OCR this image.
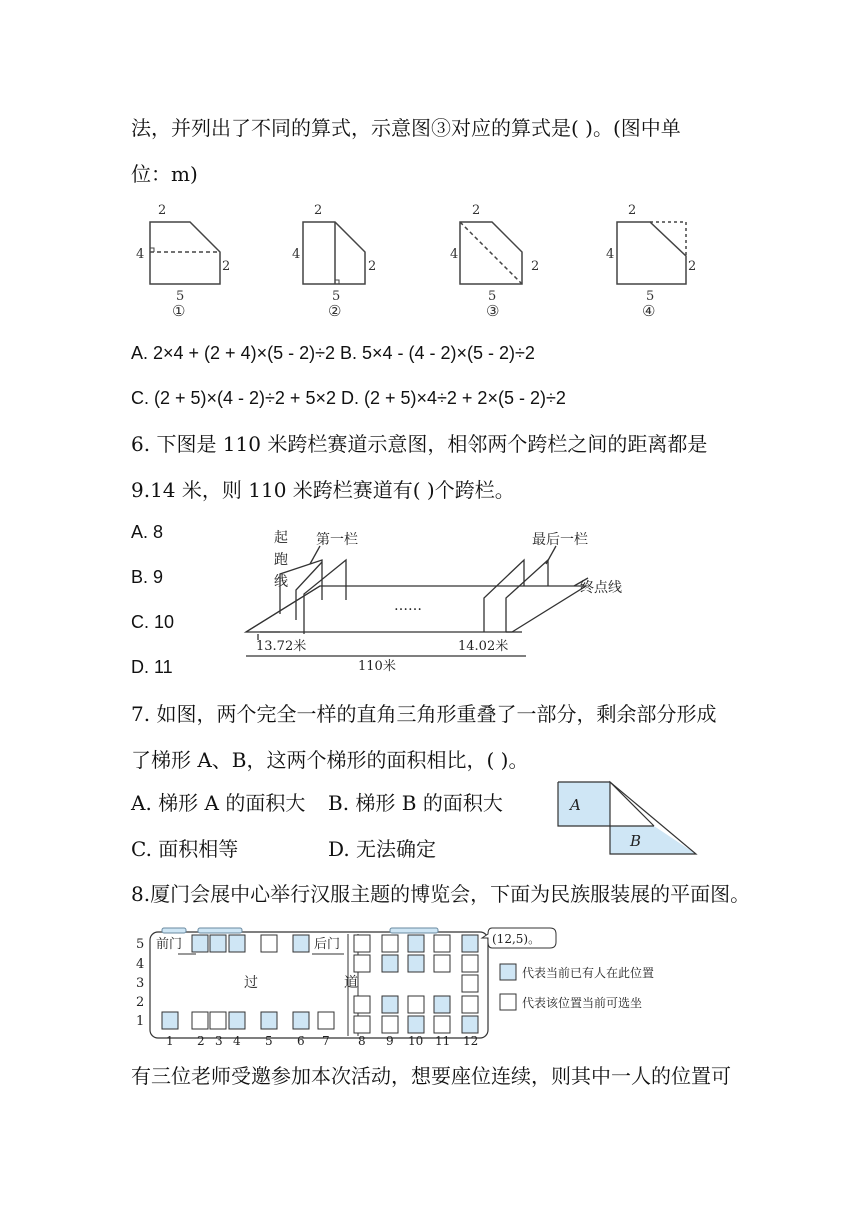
法，并列出了不同的算式，示意图③对应的算式是( )。(图中单
位：m)
2
4
2
5
①
2
4
2
5
②
2
4
2
5
③
2
4
2
5
④
A. 2×4 + (2 + 4)×(5 - 2)÷2 B. 5×4 - (4 - 2)×(5 - 2)÷2
C. (2 + 5)×(4 - 2)÷2 + 5×2 D. (2 + 5)×4÷2 + 2×(5 - 2)÷2
6. 下图是 110 米跨栏赛道示意图，相邻两个跨栏之间的距离都是
9.14 米，则 110 米跨栏赛道有( )个跨栏。
A. 8
B. 9
C. 10
D. 11
起
跑
线
第一栏	最后一栏
终点线
……
13.72米	14.02米
110米
7. 如图，两个完全一样的直角三角形重叠了一部分，剩余部分形成
了梯形 A、B，这两个梯形的面积相比，( )。
A. 梯形 A 的面积大 B. 梯形 B 的面积大
C. 面积相等	D. 无法确定
A
B
8.厦门会展中心举行汉服主题的博览会，下面为民族服装展的平面图。
5
4
3
2
1
前门	后门
过	道
1 2 3 4 5 6 7 8 9 10 11 12
(12,5)。
代表当前已有人在此位置
代表该位置当前可选坐
有三位老师受邀参加本次活动，想要座位连续，则其中一人的位置可
